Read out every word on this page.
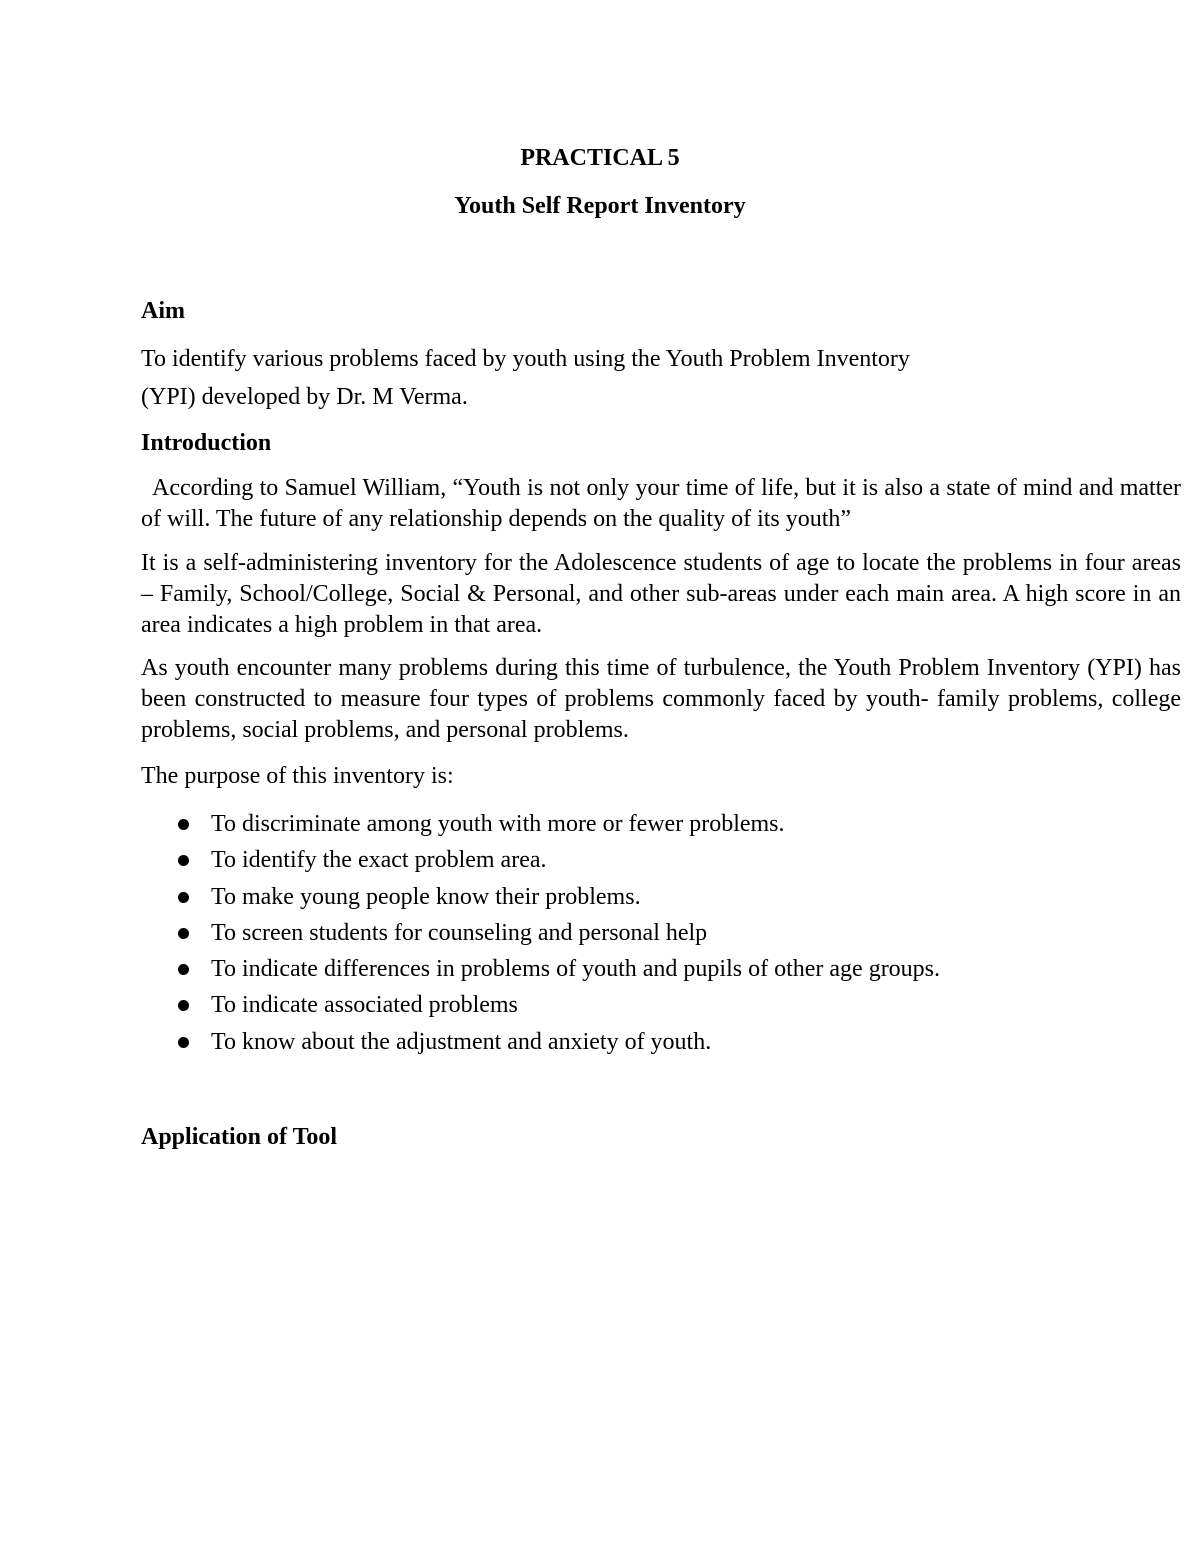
PRACTICAL 5
Youth Self Report Inventory
Aim
To identify various problems faced by youth using the Youth Problem Inventory
(YPI) developed by Dr. M Verma.
Introduction
According to Samuel William, “Youth is not only your time of life, but it is also a state of mind and matter of will. The future of any relationship depends on the quality of its youth”
It is a self-administering inventory for the Adolescence students of age to locate the problems in four areas – Family, School/College, Social & Personal, and other sub-areas under each main area. A high score in an area indicates a high problem in that area.
As youth encounter many problems during this time of turbulence, the Youth Problem Inventory (YPI) has been constructed to measure four types of problems commonly faced by youth- family problems, college problems, social problems, and personal problems.
The purpose of this inventory is:
To discriminate among youth with more or fewer problems.
To identify the exact problem area.
To make young people know their problems.
To screen students for counseling and personal help
To indicate differences in problems of youth and pupils of other age groups.
To indicate associated problems
To know about the adjustment and anxiety of youth.
Application of Tool
